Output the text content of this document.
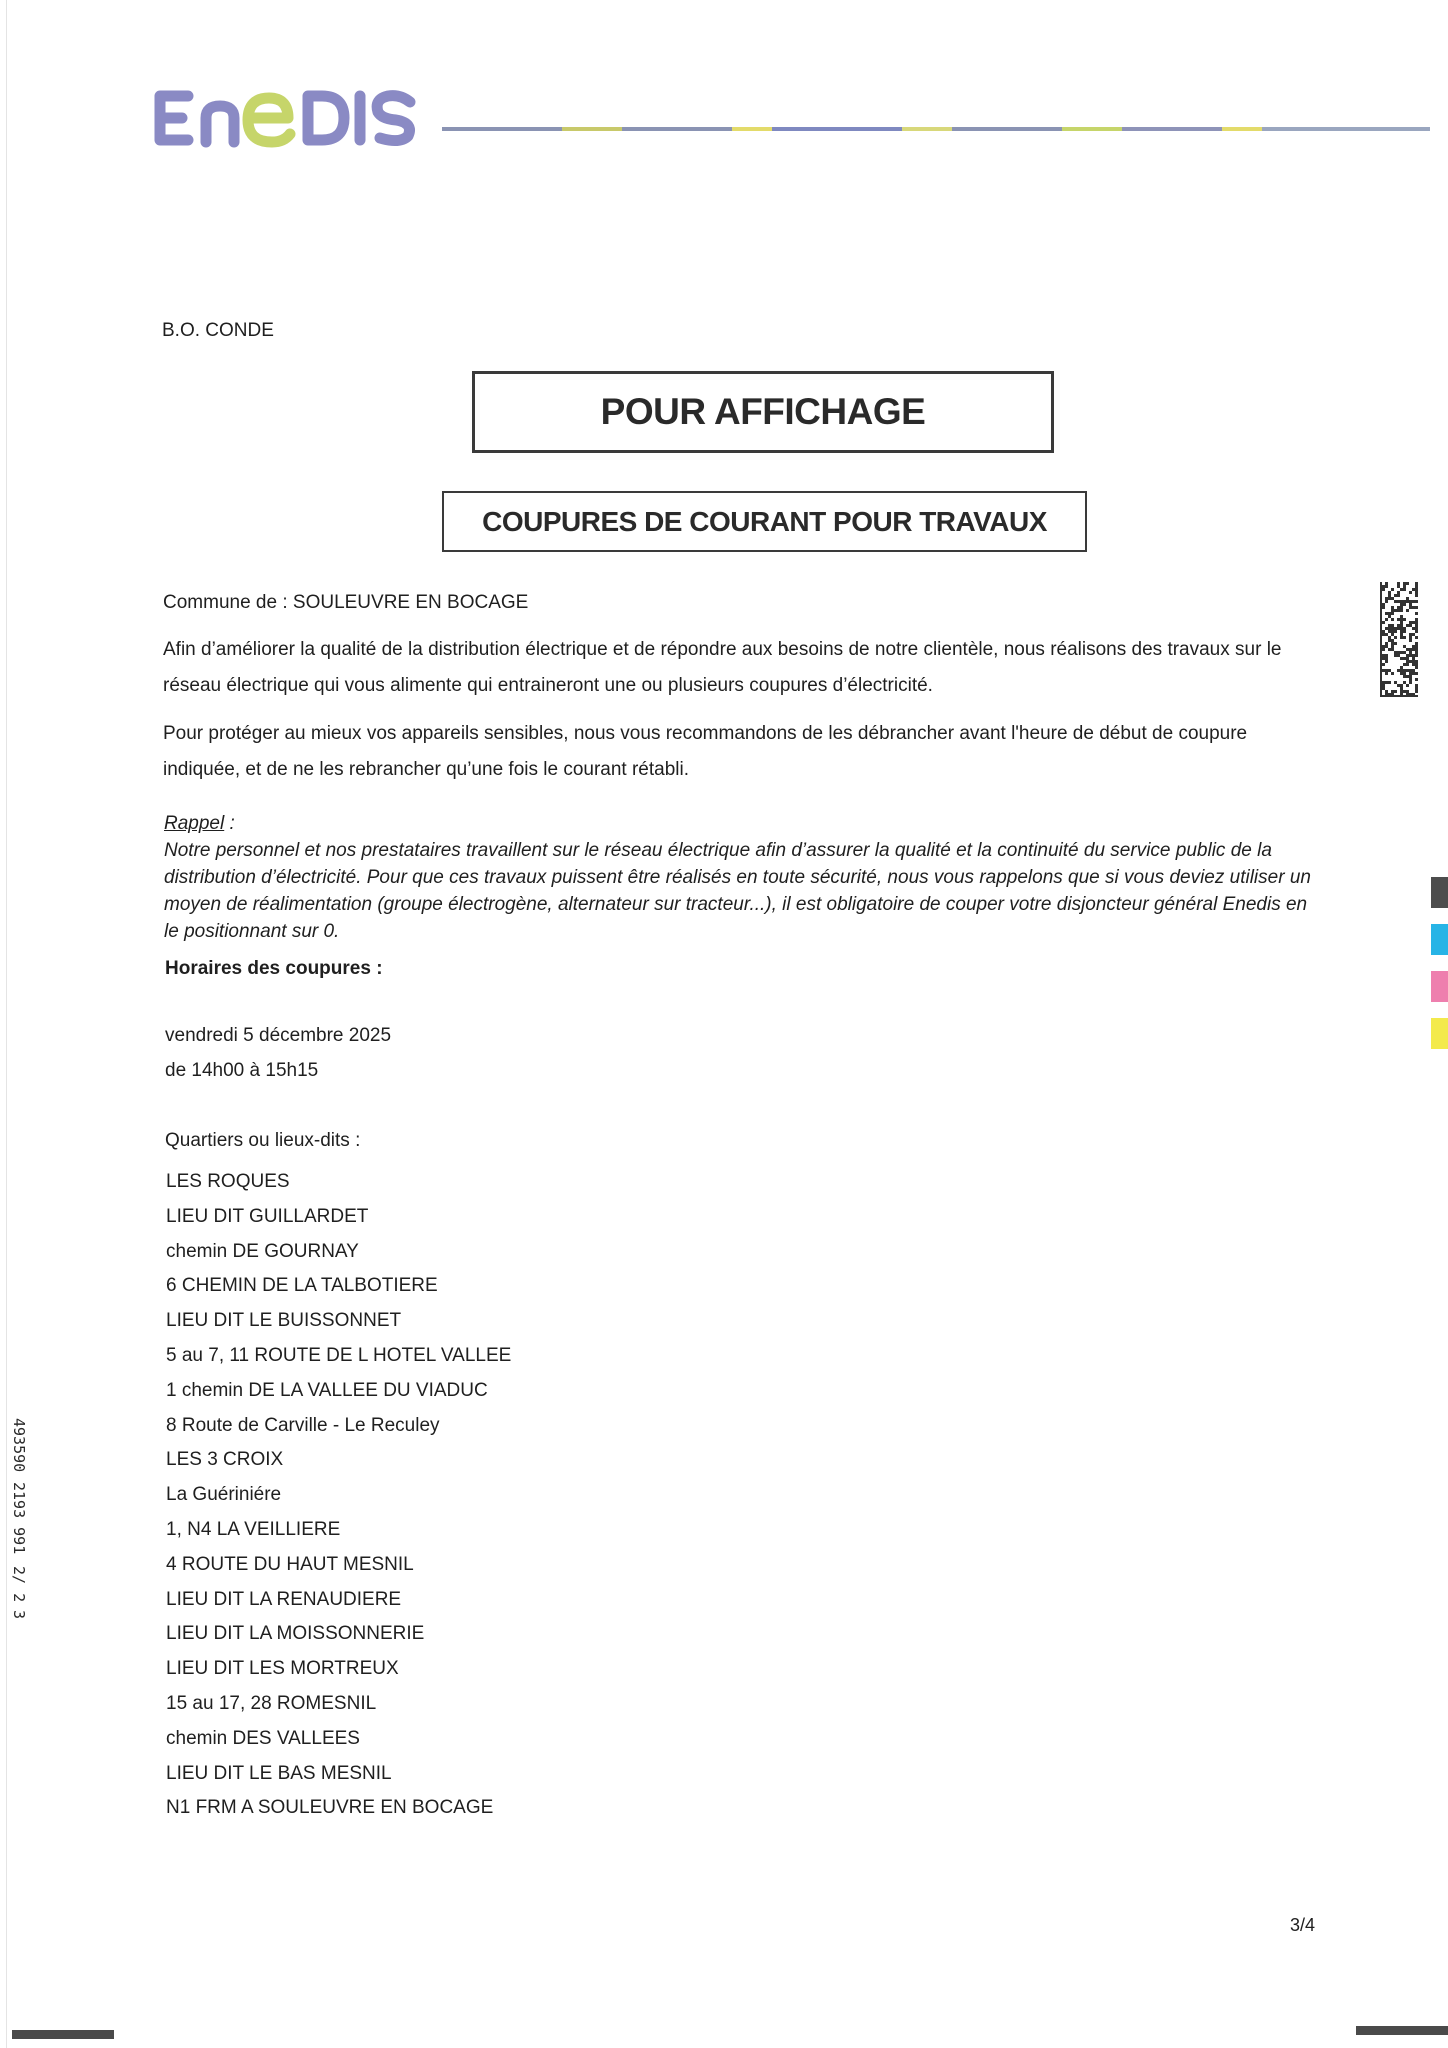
B.O. CONDE
POUR AFFICHAGE
COUPURES DE COURANT POUR TRAVAUX
Commune de : SOULEUVRE EN BOCAGE

Afin d’améliorer la qualité de la distribution électrique et de répondre aux besoins de notre clientèle, nous réalisons des travaux sur le réseau électrique qui vous alimente qui entraineront une ou plusieurs coupures d’électricité.

Pour protéger au mieux vos appareils sensibles, nous vous recommandons de les débrancher avant l'heure de début de coupure indiquée, et de ne les rebrancher qu’une fois le courant rétabli.

Rappel :

Notre personnel et nos prestataires travaillent sur le réseau électrique afin d’assurer la qualité et la continuité du service public de la distribution d’électricité. Pour que ces travaux puissent être réalisés en toute sécurité, nous vous rappelons que si vous deviez utiliser un moyen de réalimentation (groupe électrogène, alternateur sur tracteur...), il est obligatoire de couper votre disjoncteur général Enedis en le positionnant sur 0.

Horaires des coupures :
vendredi 5 décembre 2025
de 14h00 à 15h15
Quartiers ou lieux-dits :
LES ROQUES
LIEU DIT GUILLARDET
chemin DE GOURNAY
6 CHEMIN DE LA TALBOTIERE
LIEU DIT LE BUISSONNET
5 au 7, 11 ROUTE DE L HOTEL VALLEE
1 chemin DE LA VALLEE DU VIADUC
8 Route de Carville - Le Reculey
LES 3 CROIX
La Guériniére
1, N4 LA VEILLIERE
4 ROUTE DU HAUT MESNIL
LIEU DIT LA RENAUDIERE
LIEU DIT LA MOISSONNERIE
LIEU DIT LES MORTREUX
15 au 17, 28 ROMESNIL
chemin DES VALLEES
LIEU DIT LE BAS MESNIL
N1 FRM A SOULEUVRE EN BOCAGE
3/4
493590
2193 991
2/ 2
3
